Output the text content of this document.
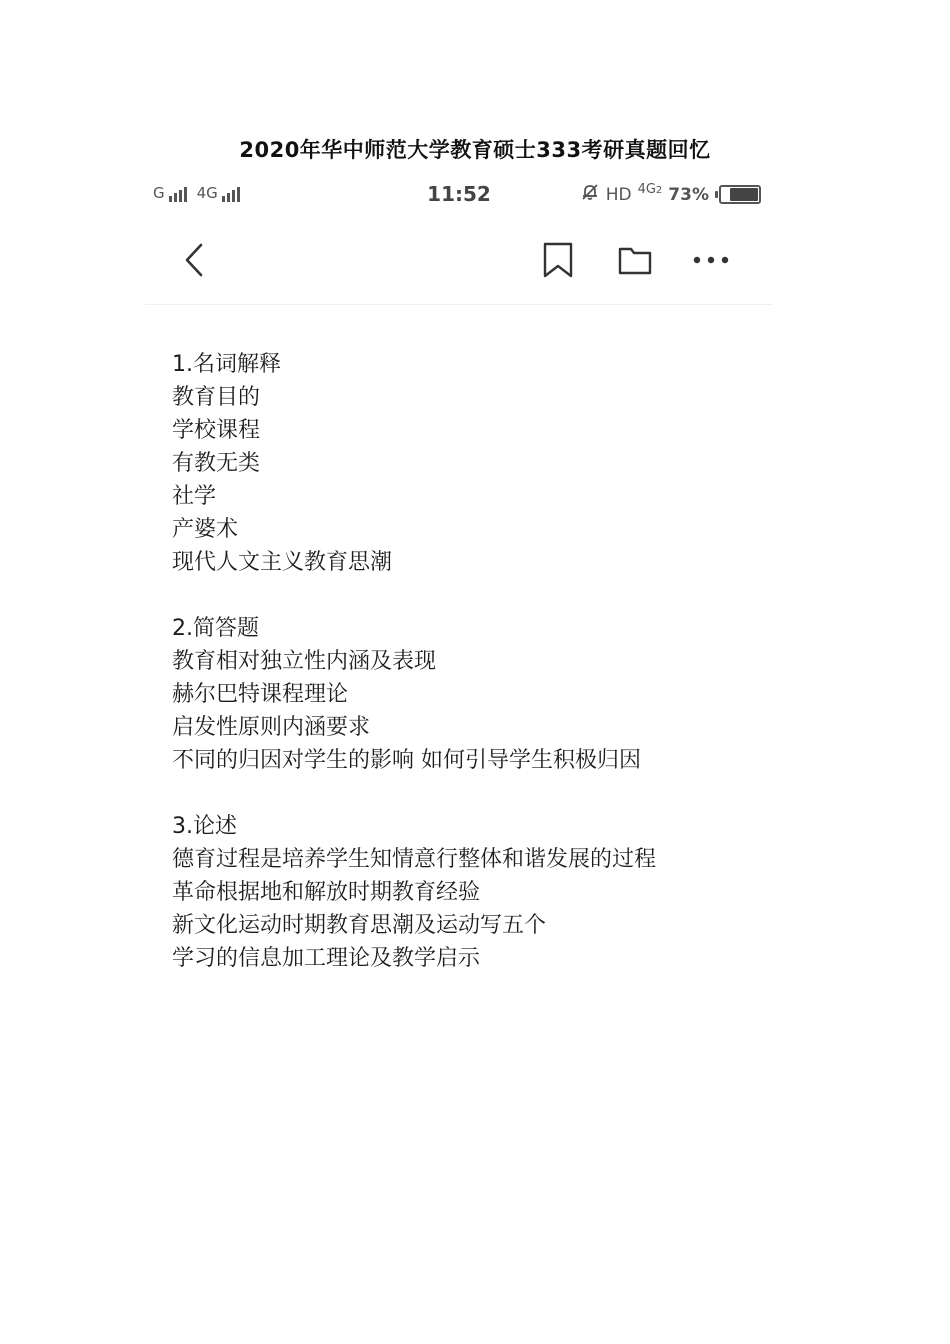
2020年华中师范大学教育硕士333考研真题回忆
G 4G	11:52	HD 4G2 73%
1.名词解释
教育目的
学校课程
有教无类
社学
产婆术
现代人文主义教育思潮
2.简答题
教育相对独立性内涵及表现
赫尔巴特课程理论
启发性原则内涵要求
不同的归因对学生的影响 如何引导学生积极归因
3.论述
德育过程是培养学生知情意行整体和谐发展的过程
革命根据地和解放时期教育经验
新文化运动时期教育思潮及运动写五个
学习的信息加工理论及教学启示
